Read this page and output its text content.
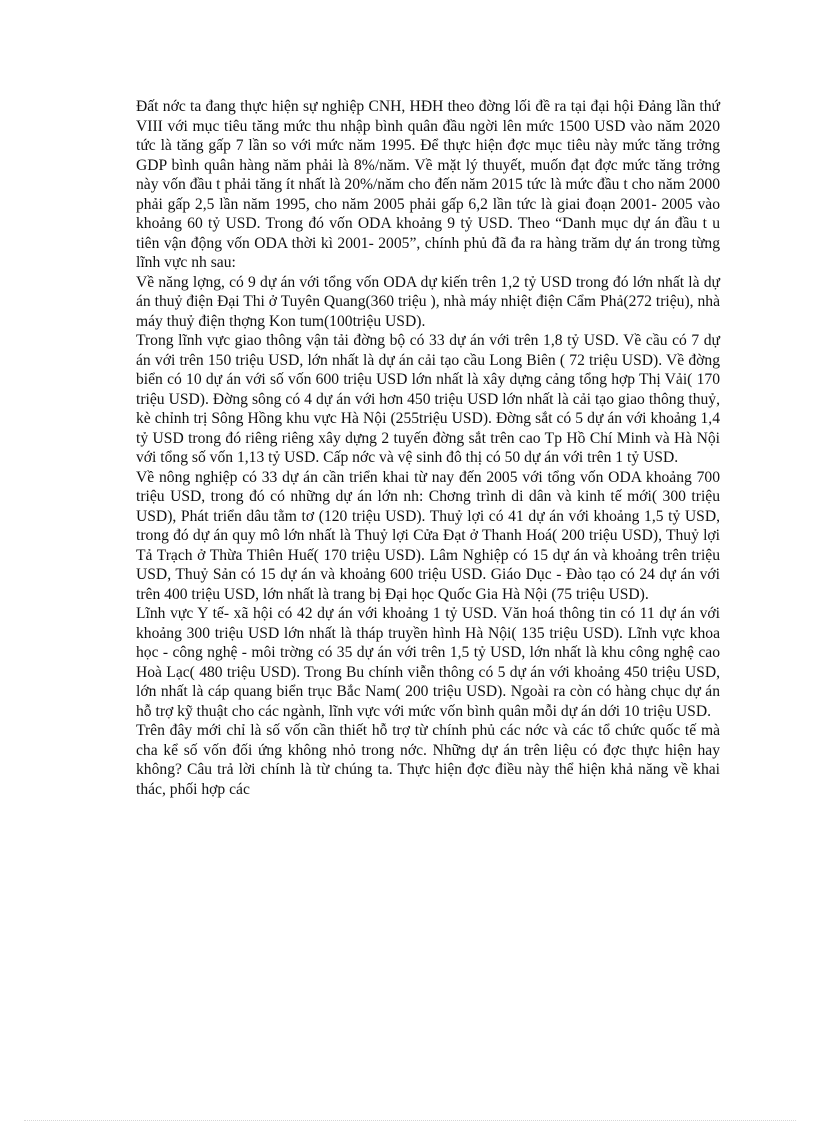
Đất nớc ta đang thực hiện sự nghiệp CNH, HĐH theo đờng lối đề ra tại đại hội Đảng lần thứ VIII với mục tiêu tăng mức thu nhập bình quân đầu ngời lên mức 1500 USD vào năm 2020 tức là tăng gấp 7 lần so với mức năm 1995. Để thực hiện đợc mục tiêu này mức tăng trởng GDP bình quân hàng năm phải là 8%/năm. Về mặt lý thuyết, muốn đạt đợc mức tăng trởng này vốn đầu t phải tăng ít nhất là 20%/năm cho đến năm 2015 tức là mức đầu t cho năm 2000 phải gấp 2,5 lần năm 1995, cho năm 2005 phải gấp 6,2 lần tức là giai đoạn 2001- 2005 vào khoảng 60 tỷ USD. Trong đó vốn ODA khoảng 9 tỷ USD. Theo “Danh mục dự án đầu t u tiên vận động vốn ODA thời kì 2001- 2005”, chính phủ đã đa ra hàng trăm dự án trong từng lĩnh vực nh sau:

Về năng lợng, có 9 dự án với tổng vốn ODA dự kiến trên 1,2 tỷ USD trong đó lớn nhất là dự án thuỷ điện Đại Thi ở Tuyên Quang(360 triệu ), nhà máy nhiệt điện Cẩm Phả(272 triệu), nhà máy thuỷ điện thợng Kon tum(100triệu USD).

Trong lĩnh vực giao thông vận tải đờng bộ có 33 dự án với trên 1,8 tỷ USD. Về cầu có 7 dự án với trên 150 triệu USD, lớn nhất là dự án cải tạo cầu Long Biên ( 72 triệu USD). Về đờng biển có 10 dự án với số vốn 600 triệu USD lớn nhất là xây dựng cảng tổng hợp Thị Vải( 170 triệu USD). Đờng sông có 4 dự án với hơn 450 triệu USD lớn nhất là cải tạo giao thông thuỷ, kè chỉnh trị Sông Hồng khu vực Hà Nội (255triệu USD). Đờng sắt có 5 dự án với khoảng 1,4 tỷ USD trong đó riêng riêng xây dựng 2 tuyến đờng sắt trên cao Tp Hồ Chí Minh và Hà Nội với tổng số vốn 1,13 tỷ USD. Cấp nớc và vệ sinh đô thị có 50 dự án với trên 1 tỷ USD.

Về nông nghiệp có 33 dự án cần triển khai từ nay đến 2005 với tổng vốn ODA khoảng 700 triệu USD, trong đó có những dự án lớn nh: Chơng trình di dân và kinh tế mới( 300 triệu USD), Phát triển dâu tằm tơ (120 triệu USD). Thuỷ lợi có 41 dự án với khoảng 1,5 tỷ USD, trong đó dự án quy mô lớn nhất là Thuỷ lợi Cửa Đạt ở Thanh Hoá( 200 triệu USD), Thuỷ lợi Tả Trạch ở Thừa Thiên Huế( 170 triệu USD). Lâm Nghiệp có 15 dự án và khoảng trên triệu USD, Thuỷ Sản có 15 dự án và khoảng 600 triệu USD. Giáo Dục - Đào tạo có 24 dự án với trên 400 triệu USD, lớn nhất là trang bị Đại học Quốc Gia Hà Nội (75 triệu USD).

Lĩnh vực Y tế- xã hội có 42 dự án với khoảng 1 tỷ USD. Văn hoá thông tin có 11 dự án với khoảng 300 triệu USD lớn nhất là tháp truyền hình Hà Nội( 135 triệu USD). Lĩnh vực khoa học - công nghệ - môi trờng có 35 dự án với trên 1,5 tỷ USD, lớn nhất là khu công nghệ cao Hoà Lạc( 480 triệu USD). Trong Bu chính viễn thông có 5 dự án với khoảng 450 triệu USD, lớn nhất là cáp quang biển trục Bắc Nam( 200 triệu USD). Ngoài ra còn có hàng chục dự án hỗ trợ kỹ thuật cho các ngành, lĩnh vực với mức vốn bình quân mỗi dự án dới 10 triệu USD.

Trên đây mới chỉ là số vốn cần thiết hỗ trợ từ chính phủ các nớc và các tổ chức quốc tế mà cha kể số vốn đối ứng không nhỏ trong nớc. Những dự án trên liệu có đợc thực hiện hay không? Câu trả lời chính là từ chúng ta. Thực hiện đợc điều này thể hiện khả năng về khai thác, phối hợp các
